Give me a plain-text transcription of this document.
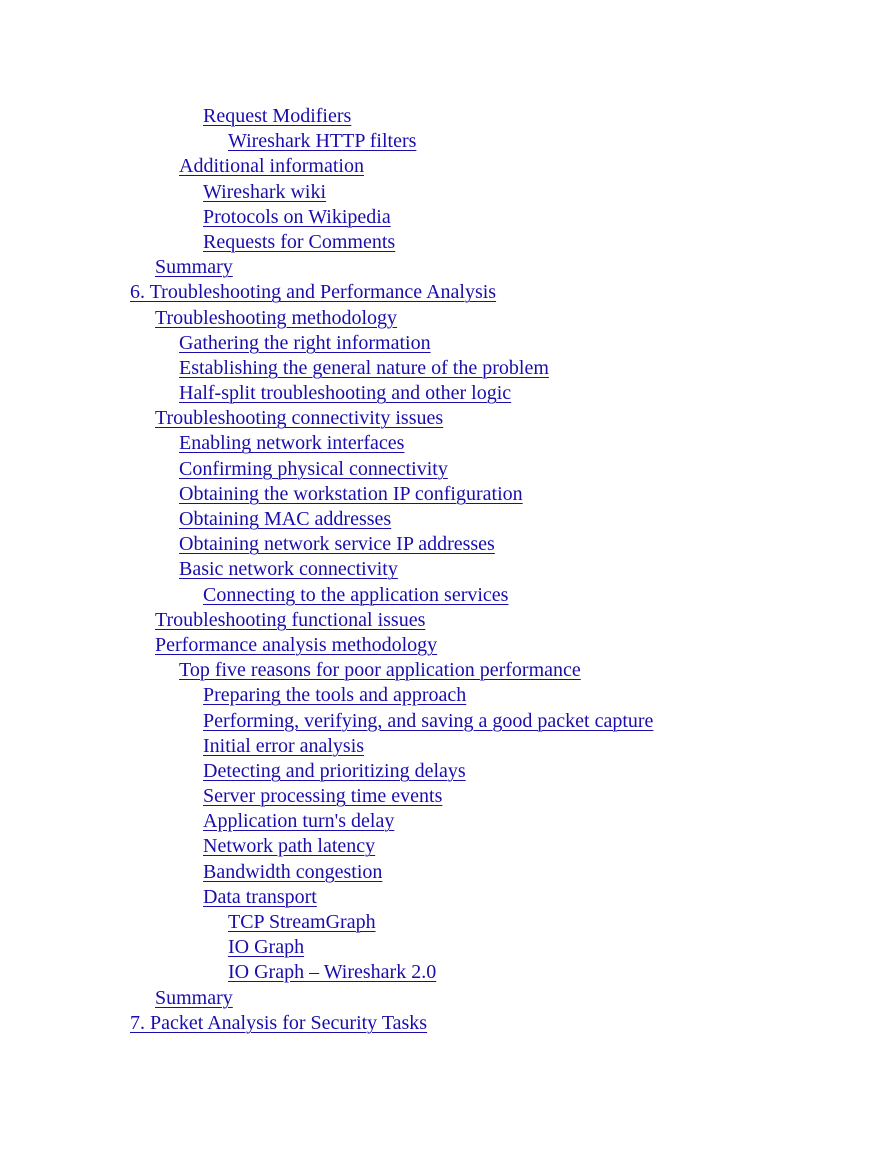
Request Modifiers
Wireshark HTTP filters
Additional information
Wireshark wiki
Protocols on Wikipedia
Requests for Comments
Summary
6. Troubleshooting and Performance Analysis
Troubleshooting methodology
Gathering the right information
Establishing the general nature of the problem
Half-split troubleshooting and other logic
Troubleshooting connectivity issues
Enabling network interfaces
Confirming physical connectivity
Obtaining the workstation IP configuration
Obtaining MAC addresses
Obtaining network service IP addresses
Basic network connectivity
Connecting to the application services
Troubleshooting functional issues
Performance analysis methodology
Top five reasons for poor application performance
Preparing the tools and approach
Performing, verifying, and saving a good packet capture
Initial error analysis
Detecting and prioritizing delays
Server processing time events
Application turn's delay
Network path latency
Bandwidth congestion
Data transport
TCP StreamGraph
IO Graph
IO Graph – Wireshark 2.0
Summary
7. Packet Analysis for Security Tasks
